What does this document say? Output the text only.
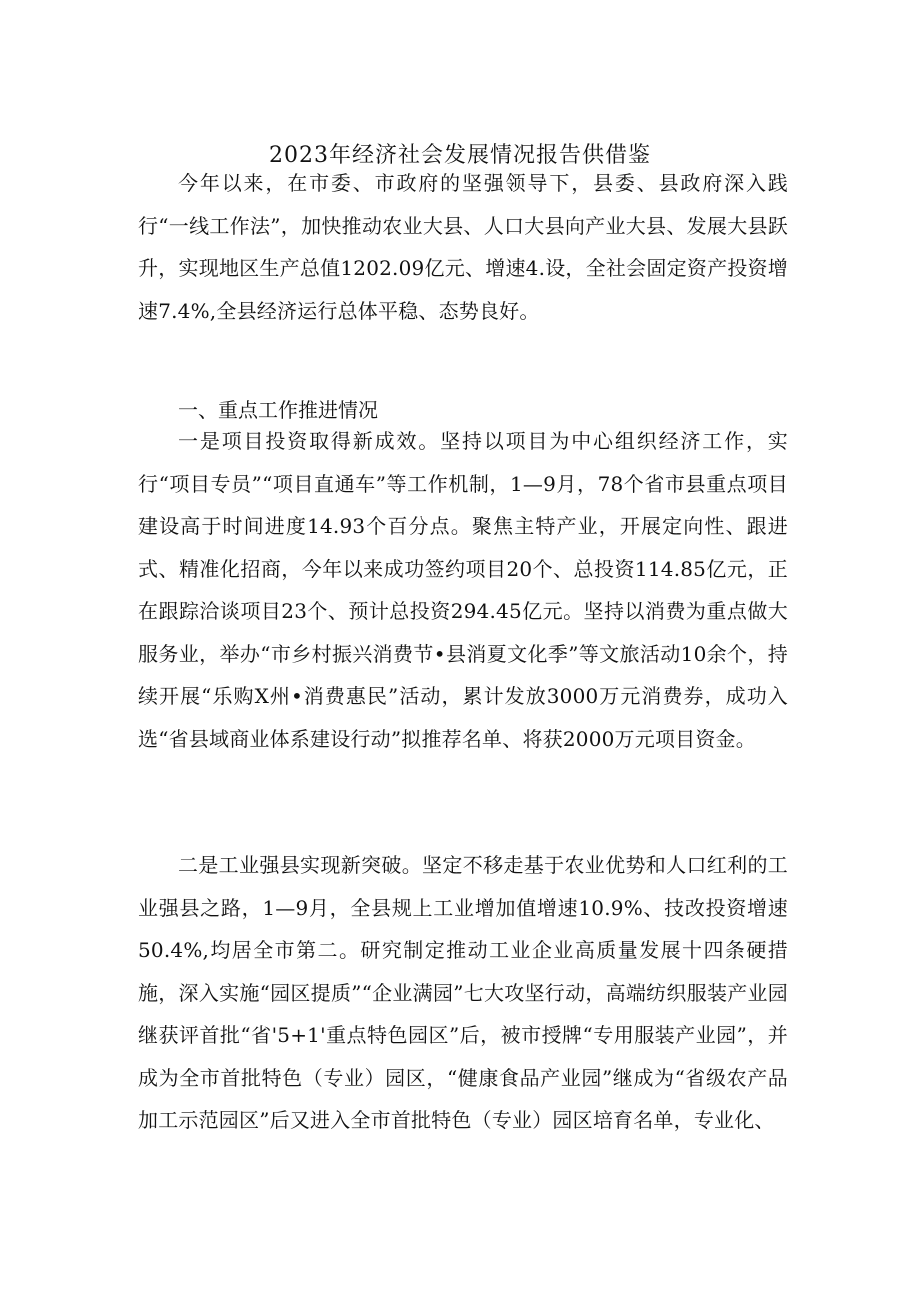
2023年经济社会发展情况报告供借鉴

今年以来，在市委、市政府的坚强领导下，县委、县政府深入践行“一线工作法”，加快推动农业大县、人口大县向产业大县、发展大县跃升，实现地区生产总值1202.09亿元、增速4.设，全社会固定资产投资增速7.4%,全县经济运行总体平稳、态势良好。

一、重点工作推进情况

一是项目投资取得新成效。坚持以项目为中心组织经济工作，实行“项目专员”“项目直通车”等工作机制，1—9月，78个省市县重点项目建设高于时间进度14.93个百分点。聚焦主特产业，开展定向性、跟进式、精准化招商，今年以来成功签约项目20个、总投资114.85亿元，正在跟踪洽谈项目23个、预计总投资294.45亿元。坚持以消费为重点做大服务业，举办“市乡村振兴消费节•县消夏文化季”等文旅活动10余个，持续开展“乐购X州•消费惠民”活动，累计发放3000万元消费券，成功入选“省县域商业体系建设行动”拟推荐名单、将获2000万元项目资金。

二是工业强县实现新突破。坚定不移走基于农业优势和人口红利的工业强县之路，1—9月，全县规上工业增加值增速10.9%、技改投资增速50.4%,均居全市第二。研究制定推动工业企业高质量发展十四条硬措施，深入实施“园区提质”“企业满园”七大攻坚行动，高端纺织服装产业园继获评首批“省'5+1'重点特色园区”后，被市授牌“专用服装产业园”，并成为全市首批特色（专业）园区，“健康食品产业园”继成为“省级农产品加工示范园区”后又进入全市首批特色（专业）园区培育名单，专业化、
